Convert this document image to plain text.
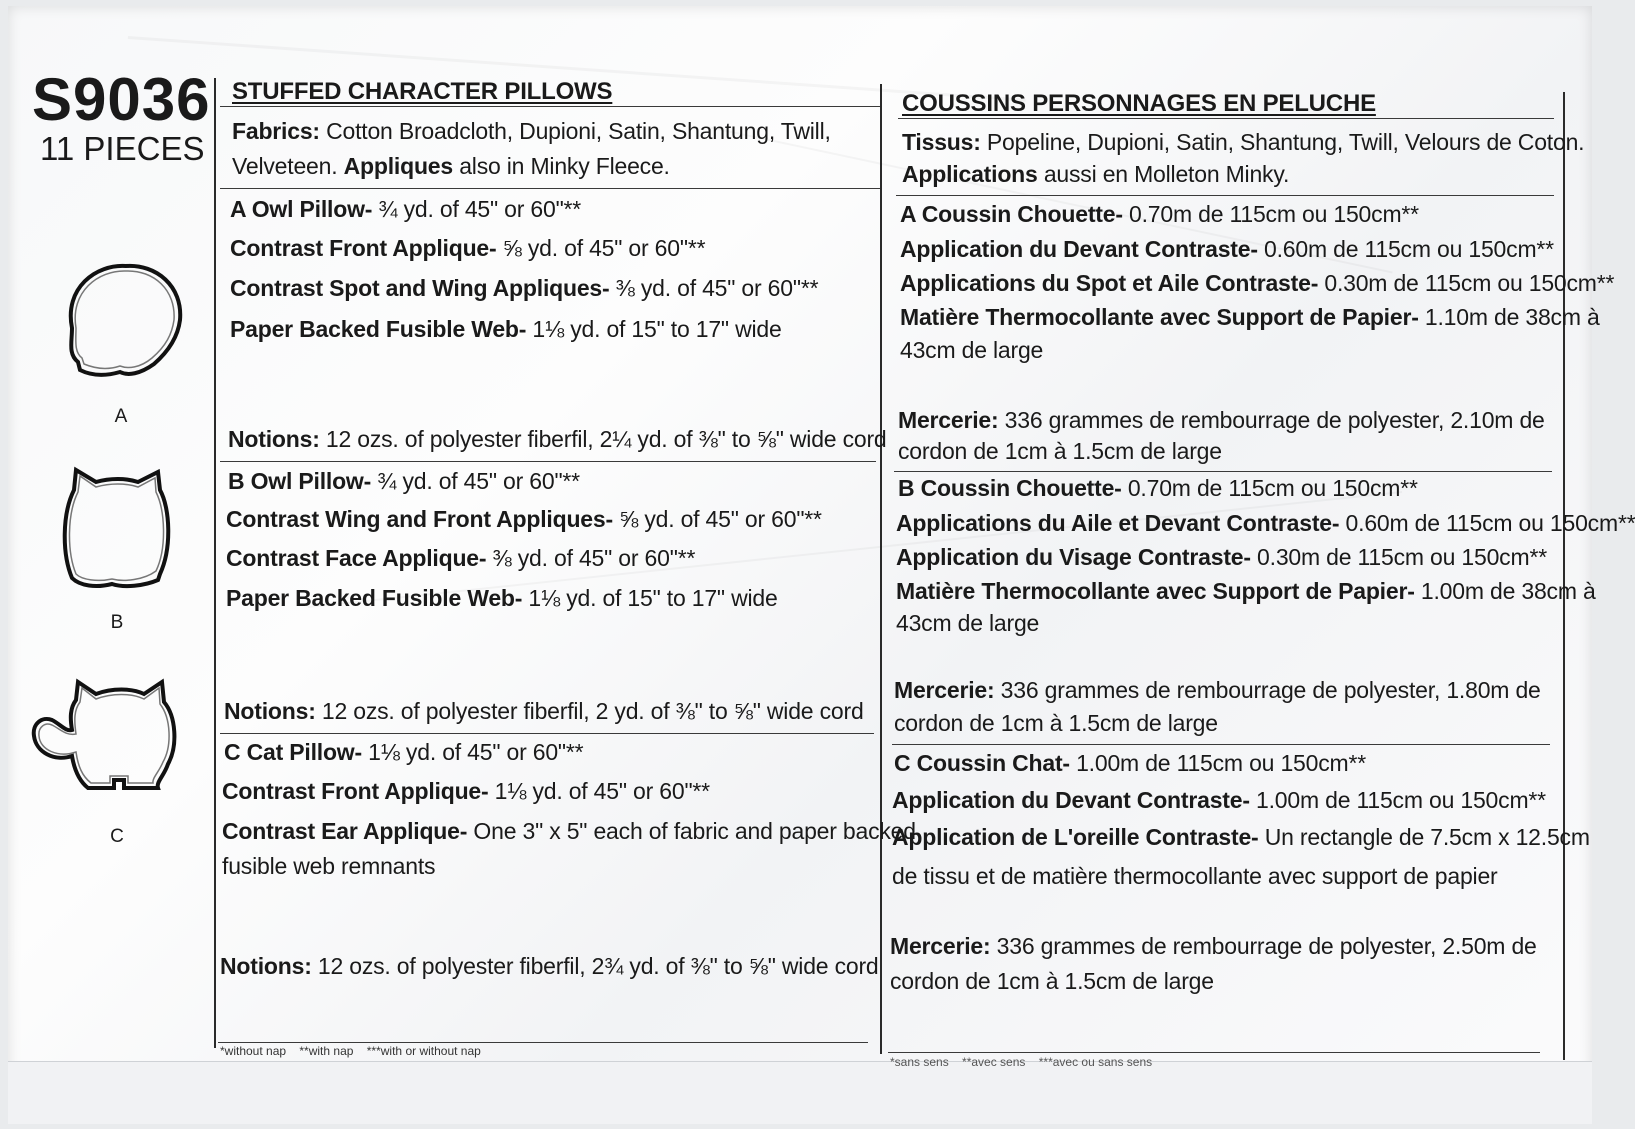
S9036
11 PIECES
A
B
C
STUFFED CHARACTER PILLOWS
Fabrics: Cotton Broadcloth, Dupioni, Satin, Shantung, Twill,
Velveteen. Appliques also in Minky Fleece.
A Owl Pillow- ¾ yd. of 45" or 60"**
Contrast Front Applique- ⅝ yd. of 45" or 60"**
Contrast Spot and Wing Appliques- ⅜ yd. of 45" or 60"**
Paper Backed Fusible Web- 1⅛ yd. of 15" to 17" wide
Notions: 12 ozs. of polyester fiberfil, 2¼ yd. of ⅜" to ⅝" wide cord
B Owl Pillow- ¾ yd. of 45" or 60"**
Contrast Wing and Front Appliques- ⅝ yd. of 45" or 60"**
Contrast Face Applique- ⅜ yd. of 45" or 60"**
Paper Backed Fusible Web- 1⅛ yd. of 15" to 17" wide
Notions: 12 ozs. of polyester fiberfil, 2 yd. of ⅜" to ⅝" wide cord
C Cat Pillow- 1⅛ yd. of 45" or 60"**
Contrast Front Applique- 1⅛ yd. of 45" or 60"**
Contrast Ear Applique- One 3" x 5" each of fabric and paper backed
fusible web remnants
Notions: 12 ozs. of polyester fiberfil, 2¾ yd. of ⅜" to ⅝" wide cord
*without nap    **with nap    ***with or without nap
COUSSINS PERSONNAGES EN PELUCHE
Tissus: Popeline, Dupioni, Satin, Shantung, Twill, Velours de Coton.
Applications aussi en Molleton Minky.
A Coussin Chouette- 0.70m de 115cm ou 150cm**
Application du Devant Contraste- 0.60m de 115cm ou 150cm**
Applications du Spot et Aile Contraste- 0.30m de 115cm ou 150cm**
Matière Thermocollante avec Support de Papier- 1.10m de 38cm à
43cm de large
Mercerie: 336 grammes de rembourrage de polyester, 2.10m de
cordon de 1cm à 1.5cm de large
B Coussin Chouette- 0.70m de 115cm ou 150cm**
Applications du Aile et Devant Contraste- 0.60m de 115cm ou 150cm**
Application du Visage Contraste- 0.30m de 115cm ou 150cm**
Matière Thermocollante avec Support de Papier- 1.00m de 38cm à
43cm de large
Mercerie: 336 grammes de rembourrage de polyester, 1.80m de
cordon de 1cm à 1.5cm de large
C Coussin Chat- 1.00m de 115cm ou 150cm**
Application du Devant Contraste- 1.00m de 115cm ou 150cm**
Application de L'oreille Contraste- Un rectangle de 7.5cm x 12.5cm
de tissu et de matière thermocollante avec support de papier
Mercerie: 336 grammes de rembourrage de polyester, 2.50m de
cordon de 1cm à 1.5cm de large
*sans sens    **avec sens    ***avec ou sans sens
